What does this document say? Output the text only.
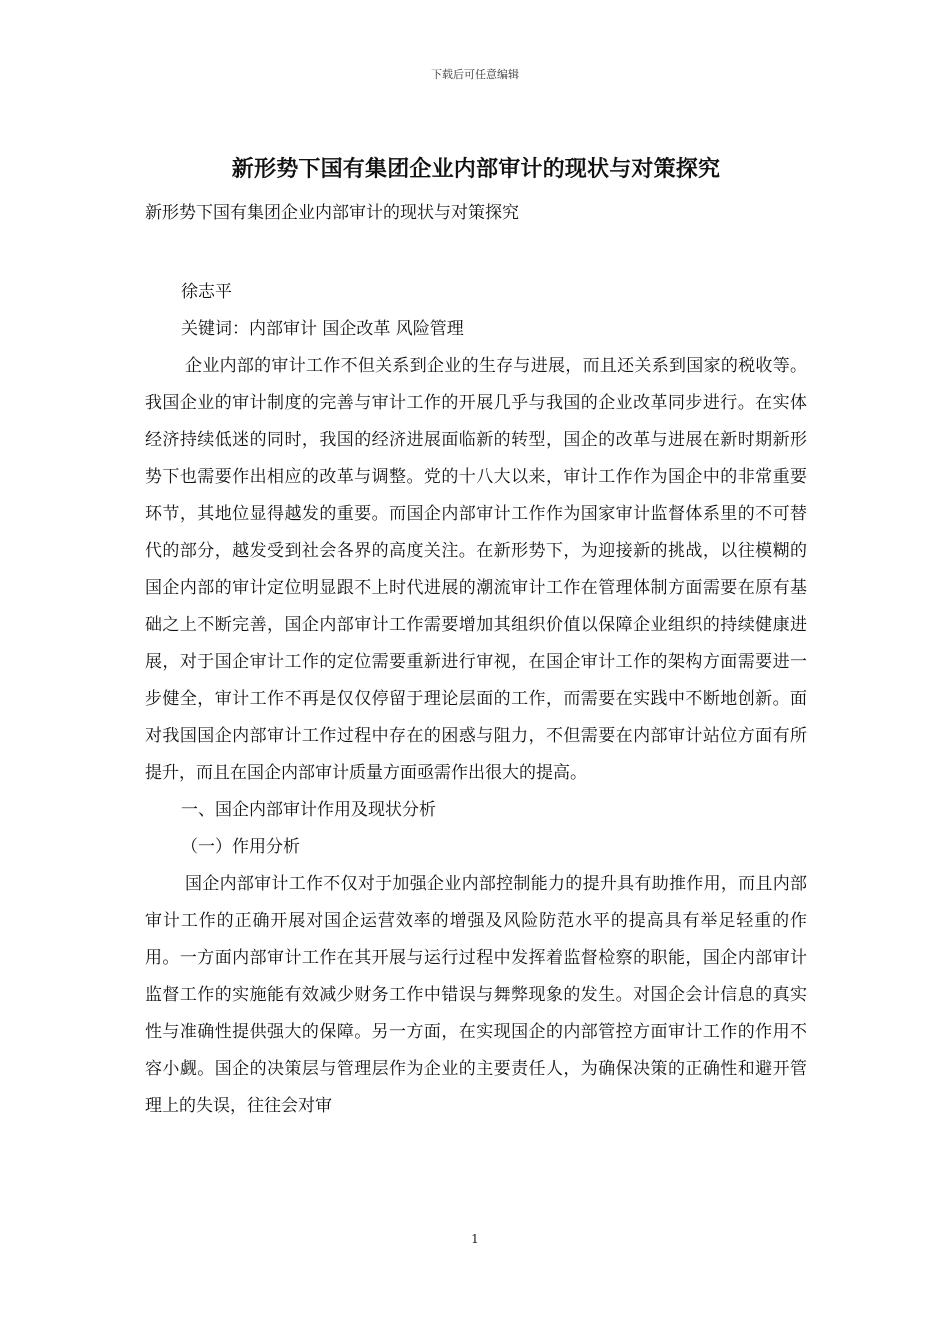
下载后可任意编辑
新形势下国有集团企业内部审计的现状与对策探究

新形势下国有集团企业内部审计的现状与对策探究

徐志平

关键词：内部审计 国企改革 风险管理

企业内部的审计工作不但关系到企业的生存与进展，而且还关系到国家的税收等。我国企业的审计制度的完善与审计工作的开展几乎与我国的企业改革同步进行。在实体经济持续低迷的同时，我国的经济进展面临新的转型，国企的改革与进展在新时期新形势下也需要作出相应的改革与调整。党的十八大以来，审计工作作为国企中的非常重要环节，其地位显得越发的重要。而国企内部审计工作作为国家审计监督体系里的不可替代的部分，越发受到社会各界的高度关注。在新形势下，为迎接新的挑战，以往模糊的国企内部的审计定位明显跟不上时代进展的潮流审计工作在管理体制方面需要在原有基础之上不断完善，国企内部审计工作需要增加其组织价值以保障企业组织的持续健康进展，对于国企审计工作的定位需要重新进行审视，在国企审计工作的架构方面需要进一步健全，审计工作不再是仅仅停留于理论层面的工作，而需要在实践中不断地创新。面对我国国企内部审计工作过程中存在的困惑与阻力，不但需要在内部审计站位方面有所提升，而且在国企内部审计质量方面亟需作出很大的提高。

一、国企内部审计作用及现状分析

（一）作用分析

国企内部审计工作不仅对于加强企业内部控制能力的提升具有助推作用，而且内部审计工作的正确开展对国企运营效率的增强及风险防范水平的提高具有举足轻重的作用。一方面内部审计工作在其开展与运行过程中发挥着监督检察的职能，国企内部审计监督工作的实施能有效减少财务工作中错误与舞弊现象的发生。对国企会计信息的真实性与准确性提供强大的保障。另一方面，在实现国企的内部管控方面审计工作的作用不容小觑。国企的决策层与管理层作为企业的主要责任人，为确保决策的正确性和避开管理上的失误，往往会对审

1
